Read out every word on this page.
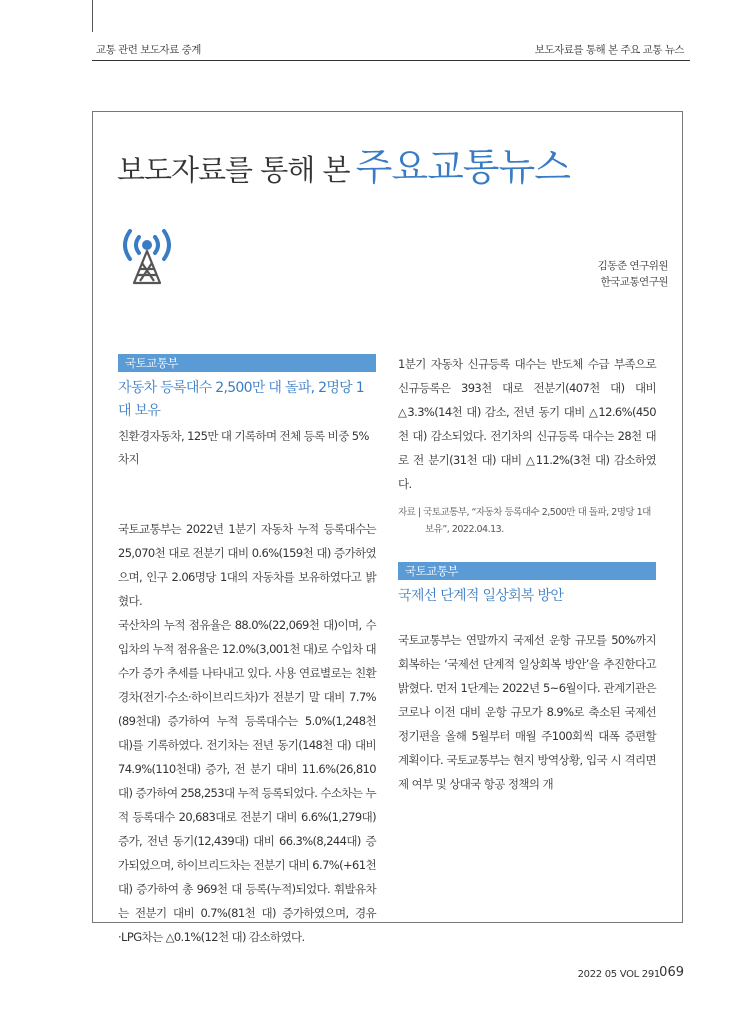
교통 관련 보도자료 중계	보도자료를 통해 본 주요 교통 뉴스
보도자료를 통해 본 주요교통뉴스
김동준 연구위원
한국교통연구원
국토교통부
자동차 등록대수 2,500만 대 돌파, 2명당 1대 보유
친환경자동차, 125만 대 기록하며 전체 등록 비중 5%차지

국토교통부는 2022년 1분기 자동차 누적 등록대수는 25,070천 대로 전분기 대비 0.6%(159천 대) 증가하였으며, 인구 2.06명당 1대의 자동차를 보유하였다고 밝혔다.

국산차의 누적 점유율은 88.0%(22,069천 대)이며, 수입차의 누적 점유율은 12.0%(3,001천 대)로 수입차 대수가 증가 추세를 나타내고 있다. 사용 연료별로는 친환경차(전기·수소·하이브리드차)가 전분기 말 대비 7.7%(89천대) 증가하여 누적 등록대수는 5.0%(1,248천 대)를 기록하였다. 전기차는 전년 동기(148천 대) 대비 74.9%(110천대) 증가, 전 분기 대비 11.6%(26,810대) 증가하여 258,253대 누적 등록되었다. 수소차는 누적 등록대수 20,683대로 전분기 대비 6.6%(1,279대) 증가, 전년 동기(12,439대) 대비 66.3%(8,244대) 증가되었으며, 하이브리드차는 전분기 대비 6.7%(+61천대) 증가하여 총 969천 대 등록(누적)되었다. 휘발유차는 전분기 대비 0.7%(81천 대) 증가하였으며, 경유·LPG차는 △0.1%(12천 대) 감소하였다.

1분기 자동차 신규등록 대수는 반도체 수급 부족으로 신규등록은 393천 대로 전분기(407천 대) 대비 △3.3%(14천 대) 감소, 전년 동기 대비 △12.6%(450천 대) 감소되었다. 전기차의 신규등록 대수는 28천 대로 전 분기(31천 대) 대비 △11.2%(3천 대) 감소하였다.

자료 | 국토교통부, “자동차 등록대수 2,500만 대 돌파, 2명당 1대 보유”, 2022.04.13.

국토교통부
국제선 단계적 일상회복 방안

국토교통부는 연말까지 국제선 운항 규모를 50%까지 회복하는 ‘국제선 단계적 일상회복 방안’을 추진한다고 밝혔다. 먼저 1단계는 2022년 5~6월이다. 관계기관은 코로나 이전 대비 운항 규모가 8.9%로 축소된 국제선 정기편을 올해 5월부터 매월 주100회씩 대폭 증편할 계획이다. 국토교통부는 현지 방역상황, 입국 시 격리면제 여부 및 상대국 항공 정책의 개

2022 05 VOL 291 069
